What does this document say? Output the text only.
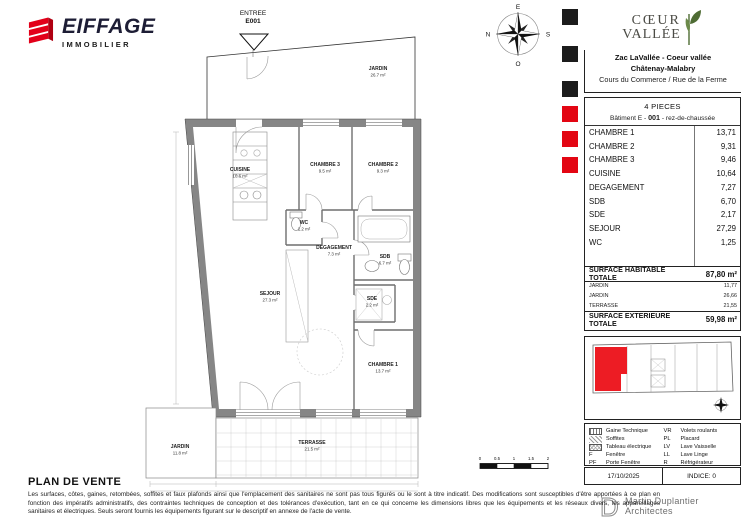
EIFFAGE
IMMOBILIER
ENTREE
E001
JARDIN
26.7 m²
CUISINE
10.6 m²
CHAMBRE 3
9.5 m²
CHAMBRE 2
9.3 m²
WC
1.2 m²
DEGAGEMENT
7.3 m²	SDB
6.7 m²
SDE
2.2 m²
SEJOUR
27.3 m²
CHAMBRE 1
13.7 m²
JARDIN
11.8 m²
TERRASSE
21.5 m²
E
S
O
N
0	0.5	1	1.5	2
CŒUR
VALLÉE
Zac LaVallée - Coeur vallée
Châtenay-Malabry
Cours du Commerce / Rue de la Ferme
4 PIECES
Bâtiment E - 001 - rez-de-chaussée
CHAMBRE 1	13,71
CHAMBRE 2	9,31
CHAMBRE 3	9,46
CUISINE	10,64
DEGAGEMENT	7,27
SDB	6,70
SDE	2,17
SEJOUR	27,29
WC	1,25
SURFACE HABITABLE TOTALE	87,80 m²
JARDIN	11,77
JARDIN	26,66
TERRASSE	21,55
SURFACE EXTERIEURE TOTALE	59,98 m²
Gaine Technique
Soffites
Tableau électrique
F	Fenêtre
PF	Porte Fenêtre
VR	Volets roulants
PL	Placard
LV	Lave Vaisselle
LL	Lave Linge
R	Réfrigérateur
17/10/2025	INDICE: 0
D Martin Duplantier
Architectes
PLAN DE VENTE
Les surfaces, côtes, gaines, retombées, soffites et faux plafonds ainsi que l'emplacement des sanitaires ne sont pas tous figurés ou le sont à titre indicatif. Des modifications sont susceptibles d'être apportées à ce plan en fonction des impératifs administratifs, des contraintes techniques de conception et des tolérances d'exécution, tant en ce qui concerne les dimensions libres que les équipements et les réseaux divers, les appareillages sanitaires et électriques. Seuls seront fournis les équipements figurant sur le descriptif en annexe de l'acte de vente.
